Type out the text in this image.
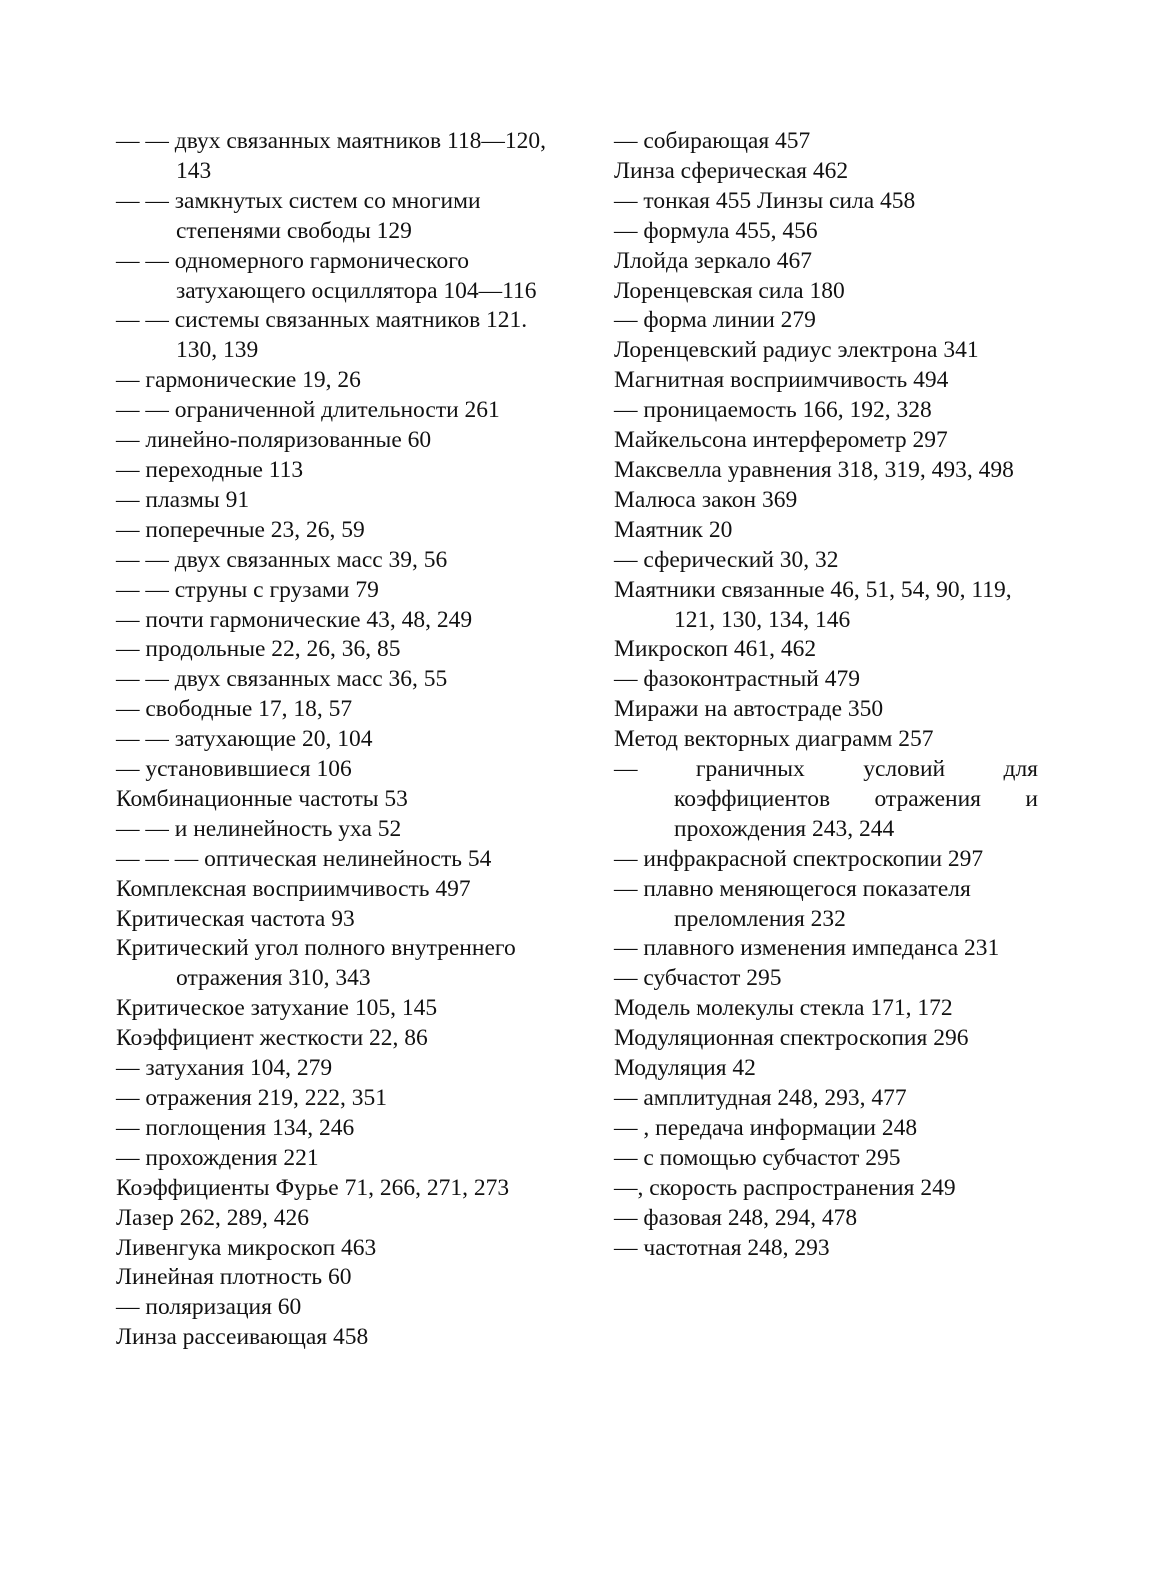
— — двух связанных маятников 118—120, 143
— — замкнутых систем со многими степенями свободы 129
— — одномерного гармонического затухающего осциллятора 104—116
— — системы связанных маятников 121. 130, 139
— гармонические 19, 26
— — ограниченной длительности 261
— линейно-поляризованные 60
— переходные 113
— плазмы 91
— поперечные 23, 26, 59
— — двух связанных масс 39, 56
— — струны с грузами 79
— почти гармонические 43, 48, 249
— продольные 22, 26, 36, 85
— — двух связанных масс 36, 55
— свободные 17, 18, 57
— — затухающие 20, 104
— установившиеся 106
Комбинационные частоты 53
— — и нелинейность уха 52
— — — оптическая нелинейность 54
Комплексная восприимчивость 497
Критическая частота 93
Критический угол полного внутреннего отражения 310, 343
Критическое затухание 105, 145
Коэффициент жесткости 22, 86
— затухания 104, 279
— отражения 219, 222, 351
— поглощения 134, 246
— прохождения 221
Коэффициенты Фурье 71, 266, 271, 273
Лазер 262, 289, 426
Ливенгука микроскоп 463
Линейная плотность 60
— поляризация 60
Линза рассеивающая 458
— собирающая 457
Линза сферическая 462
— тонкая 455 Линзы сила 458
— формула 455, 456
Ллойда зеркало 467
Лоренцевская сила 180
— форма линии 279
Лоренцевский радиус электрона 341
Магнитная восприимчивость 494
— проницаемость 166, 192, 328
Майкельсона интерферометр 297
Максвелла уравнения 318, 319, 493, 498
Малюса закон 369
Маятник 20
— сферический 30, 32
Маятники связанные 46, 51, 54, 90, 119, 121, 130, 134, 146
Микроскоп 461, 462
— фазоконтрастный 479
Миражи на автостраде 350
Метод векторных диаграмм 257
— граничных условий для коэффициентов отражения и прохождения 243, 244
— инфракрасной спектроскопии 297
— плавно меняющегося показателя преломления 232
— плавного изменения импеданса 231
— субчастот 295
Модель молекулы стекла 171, 172
Модуляционная спектроскопия 296
Модуляция 42
— амплитудная 248, 293, 477
— , передача информации 248
— с помощью субчастот 295
—, скорость распространения 249
— фазовая 248, 294, 478
— частотная 248, 293
